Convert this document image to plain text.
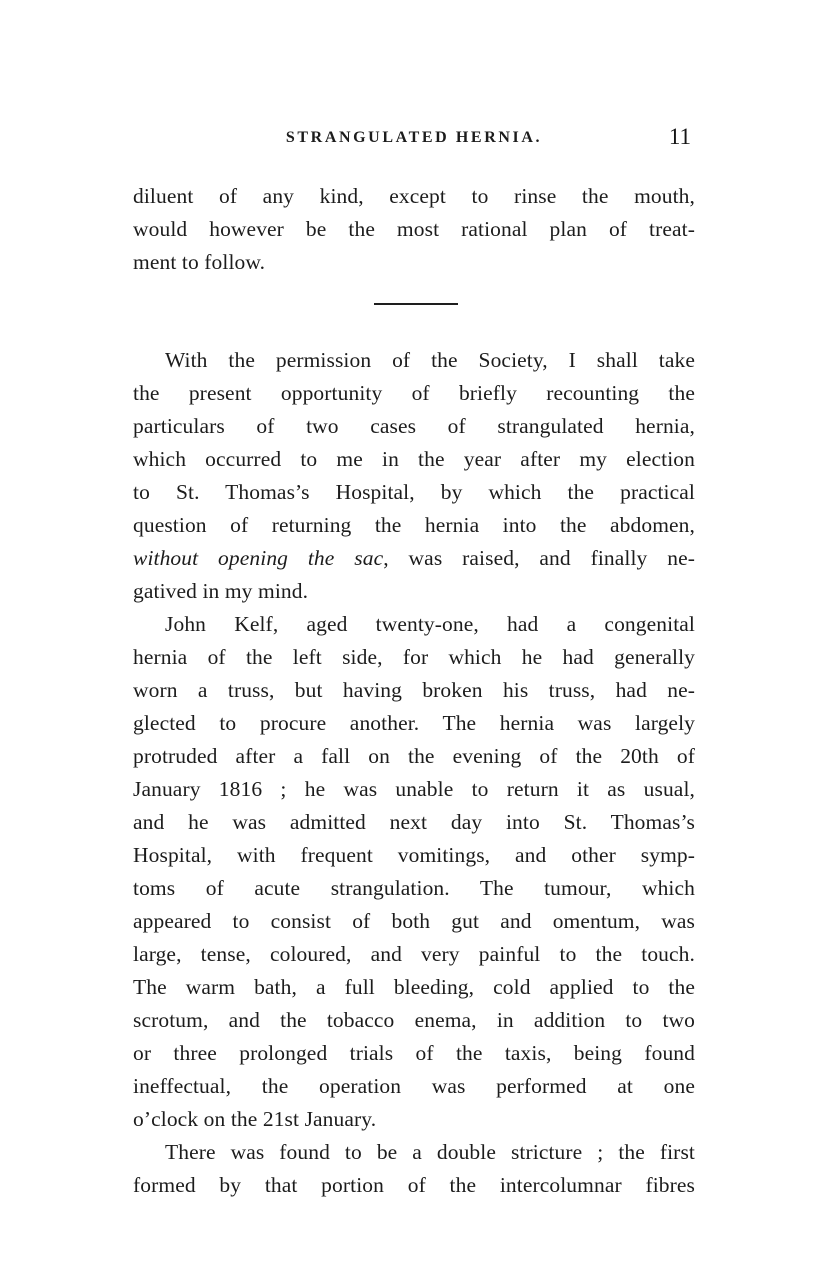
STRANGULATED HERNIA.	11
diluent of any kind, except to rinse the mouth,
would however be the most rational plan of treat-
ment to follow.
With the permission of the Society, I shall take
the present opportunity of briefly recounting the
particulars of two cases of strangulated hernia,
which occurred to me in the year after my election
to St. Thomas’s Hospital, by which the practical
question of returning the hernia into the abdomen,
without opening the sac, was raised, and finally ne-
gatived in my mind.
John Kelf, aged twenty-one, had a congenital
hernia of the left side, for which he had generally
worn a truss, but having broken his truss, had ne-
glected to procure another. The hernia was largely
protruded after a fall on the evening of the 20th of
January 1816 ; he was unable to return it as usual,
and he was admitted next day into St. Thomas’s
Hospital, with frequent vomitings, and other symp-
toms of acute strangulation. The tumour, which
appeared to consist of both gut and omentum, was
large, tense, coloured, and very painful to the touch.
The warm bath, a full bleeding, cold applied to the
scrotum, and the tobacco enema, in addition to two
or three prolonged trials of the taxis, being found
ineffectual, the operation was performed at one
o’clock on the 21st January.
There was found to be a double stricture ; the first
formed by that portion of the intercolumnar fibres
